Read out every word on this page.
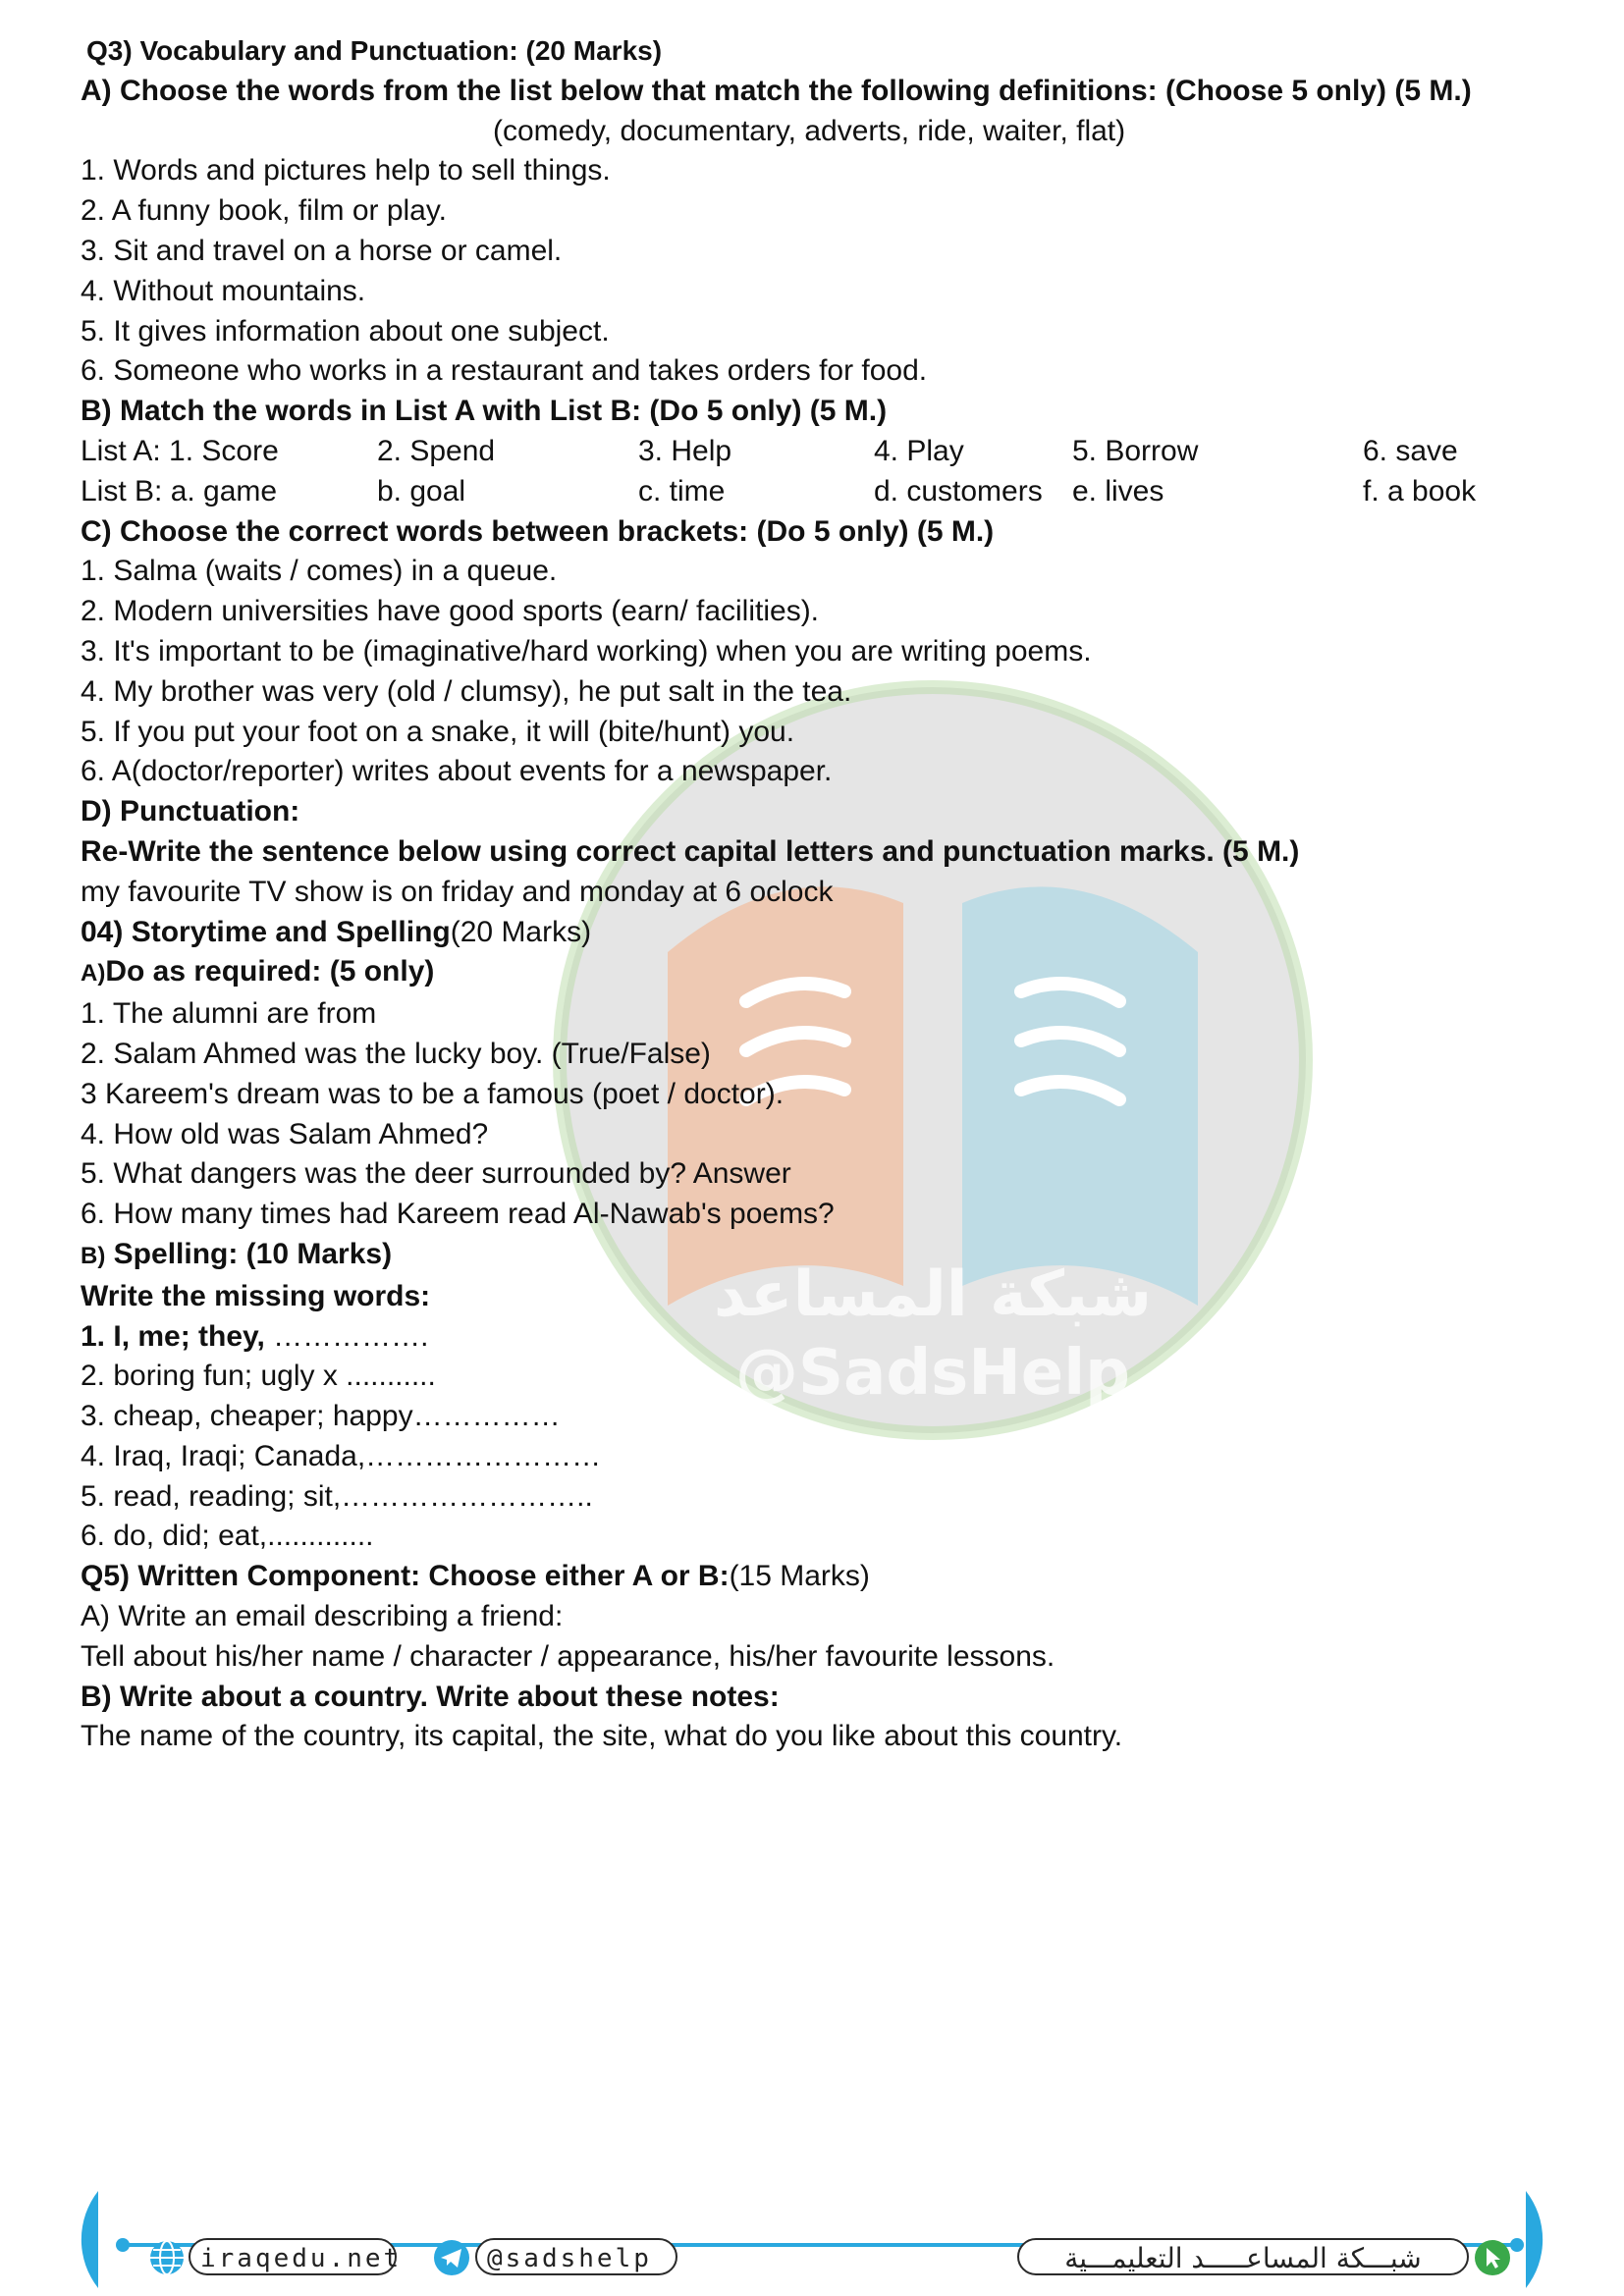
شبكة المساعد
@SadsHelp
Q3) Vocabulary and Punctuation: (20 Marks)
A) Choose the words from the list below that match the following definitions: (Choose 5 only) (5 M.)
(comedy, documentary, adverts, ride, waiter, flat)
1. Words and pictures help to sell things.
2. A funny book, film or play.
3. Sit and travel on a horse or camel.
4. Without mountains.
5. It gives information about one subject.
6. Someone who works in a restaurant and takes orders for food.
B) Match the words in List A with List B: (Do 5 only) (5 M.)
List A: 1. Score	2. Spend	3. Help	4. Play	5. Borrow	6. save
List B: a. game	b. goal	c. time	d. customers	e. lives	f. a book
C) Choose the correct words between brackets: (Do 5 only) (5 M.)
1. Salma (waits / comes) in a queue.
2. Modern universities have good sports (earn/ facilities).
3. It's important to be (imaginative/hard working) when you are writing poems.
4. My brother was very (old / clumsy), he put salt in the tea.
5. If you put your foot on a snake, it will (bite/hunt) you.
6. A(doctor/reporter) writes about events for a newspaper.
D) Punctuation:
Re-Write the sentence below using correct capital letters and punctuation marks. (5 M.)
my favourite TV show is on friday and monday at 6 oclock
04) Storytime and Spelling(20 Marks)
A)Do as required: (5 only)
1. The alumni are from
2. Salam Ahmed was the lucky boy. (True/False)
3 Kareem's dream was to be a famous (poet / doctor).
4. How old was Salam Ahmed?
5. What dangers was the deer surrounded by? Answer
6. How many times had Kareem read Al-Nawab's poems?
B) Spelling: (10 Marks)
Write the missing words:
1. I, me; they, …………….
2. boring fun; ugly x ...........
3. cheap, cheaper; happy……………
4. Iraq, Iraqi; Canada,……………………
5. read, reading; sit,……………………..
6. do, did; eat,.............
Q5) Written Component: Choose either A or B:(15 Marks)
A) Write an email describing a friend:
Tell about his/her name / character / appearance, his/her favourite lessons.
B) Write about a country. Write about these notes:
The name of the country, its capital, the site, what do you like about this country.
iraqedu.net	@sadshelp	شبـــكة المساعـــــد التعليمـــية
